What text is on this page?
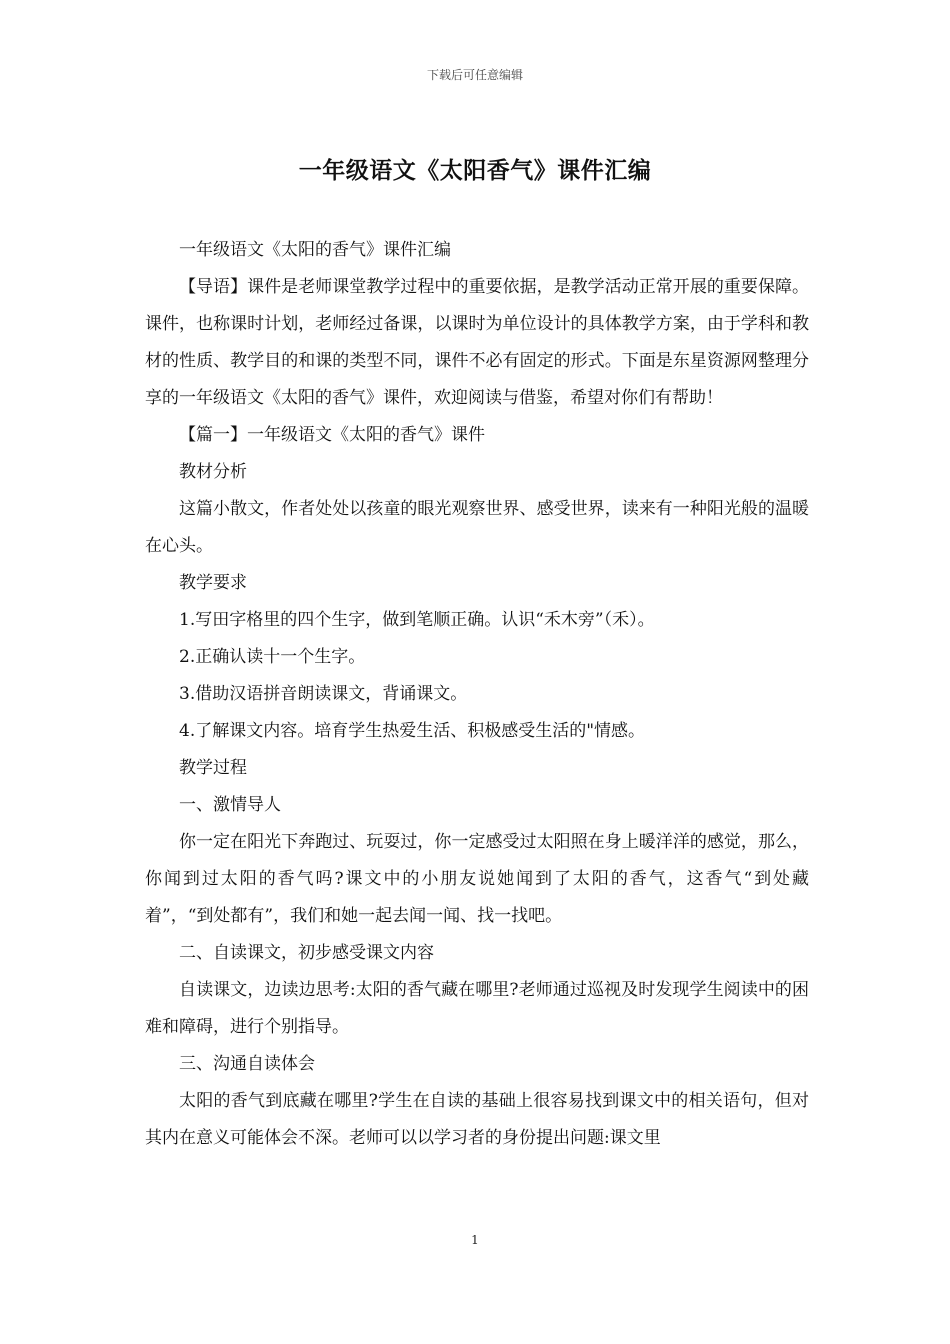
下载后可任意编辑
一年级语文《太阳香气》课件汇编

一年级语文《太阳的香气》课件汇编

【导语】课件是老师课堂教学过程中的重要依据，是教学活动正常开展的重要保障。课件，也称课时计划，老师经过备课，以课时为单位设计的具体教学方案，由于学科和教材的性质、教学目的和课的类型不同，课件不必有固定的形式。下面是东星资源网整理分享的一年级语文《太阳的香气》课件，欢迎阅读与借鉴，希望对你们有帮助！

【篇一】一年级语文《太阳的香气》课件

教材分析

这篇小散文，作者处处以孩童的眼光观察世界、感受世界，读来有一种阳光般的温暖在心头。

教学要求

1.写田字格里的四个生字，做到笔顺正确。认识“禾木旁”（禾）。

2.正确认读十一个生字。

3.借助汉语拼音朗读课文，背诵课文。

4.了解课文内容。培育学生热爱生活、积极感受生活的"情感。

教学过程

一、激情导人

你一定在阳光下奔跑过、玩耍过，你一定感受过太阳照在身上暖洋洋的感觉，那么，你闻到过太阳的香气吗?课文中的小朋友说她闻到了太阳的香气，这香气“到处藏着”，“到处都有”，我们和她一起去闻一闻、找一找吧。

二、自读课文，初步感受课文内容

自读课文，边读边思考:太阳的香气藏在哪里?老师通过巡视及时发现学生阅读中的困难和障碍，进行个别指导。

三、沟通自读体会

太阳的香气到底藏在哪里?学生在自读的基础上很容易找到课文中的相关语句，但对其内在意义可能体会不深。老师可以以学习者的身份提出问题:课文里

1
